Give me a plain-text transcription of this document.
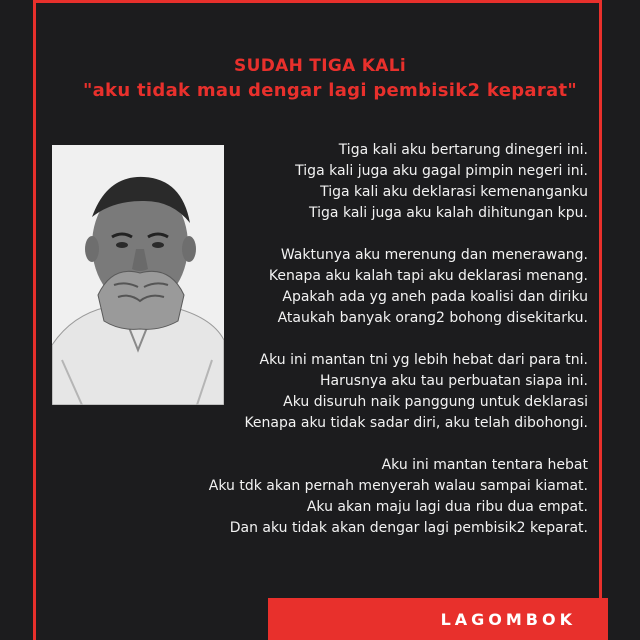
SUDAH TIGA KALi
"aku tidak mau dengar lagi pembisik2 keparat"
Tiga kali aku bertarung dinegeri ini.
Tiga kali juga aku gagal pimpin negeri ini.
Tiga kali aku deklarasi kemenanganku
Tiga kali juga aku kalah dihitungan kpu.
Waktunya aku merenung dan menerawang.
Kenapa aku kalah tapi aku deklarasi menang.
Apakah ada yg aneh pada koalisi dan diriku
Ataukah banyak orang2 bohong disekitarku.
Aku ini mantan tni yg lebih hebat dari para tni.
Harusnya aku tau perbuatan siapa ini.
Aku disuruh naik panggung untuk deklarasi
Kenapa aku tidak sadar diri, aku telah dibohongi.
Aku ini mantan tentara hebat
Aku tdk akan pernah menyerah walau sampai kiamat.
Aku akan maju lagi dua ribu dua empat.
Dan aku tidak akan dengar lagi pembisik2 keparat.
LAGOMBOK
